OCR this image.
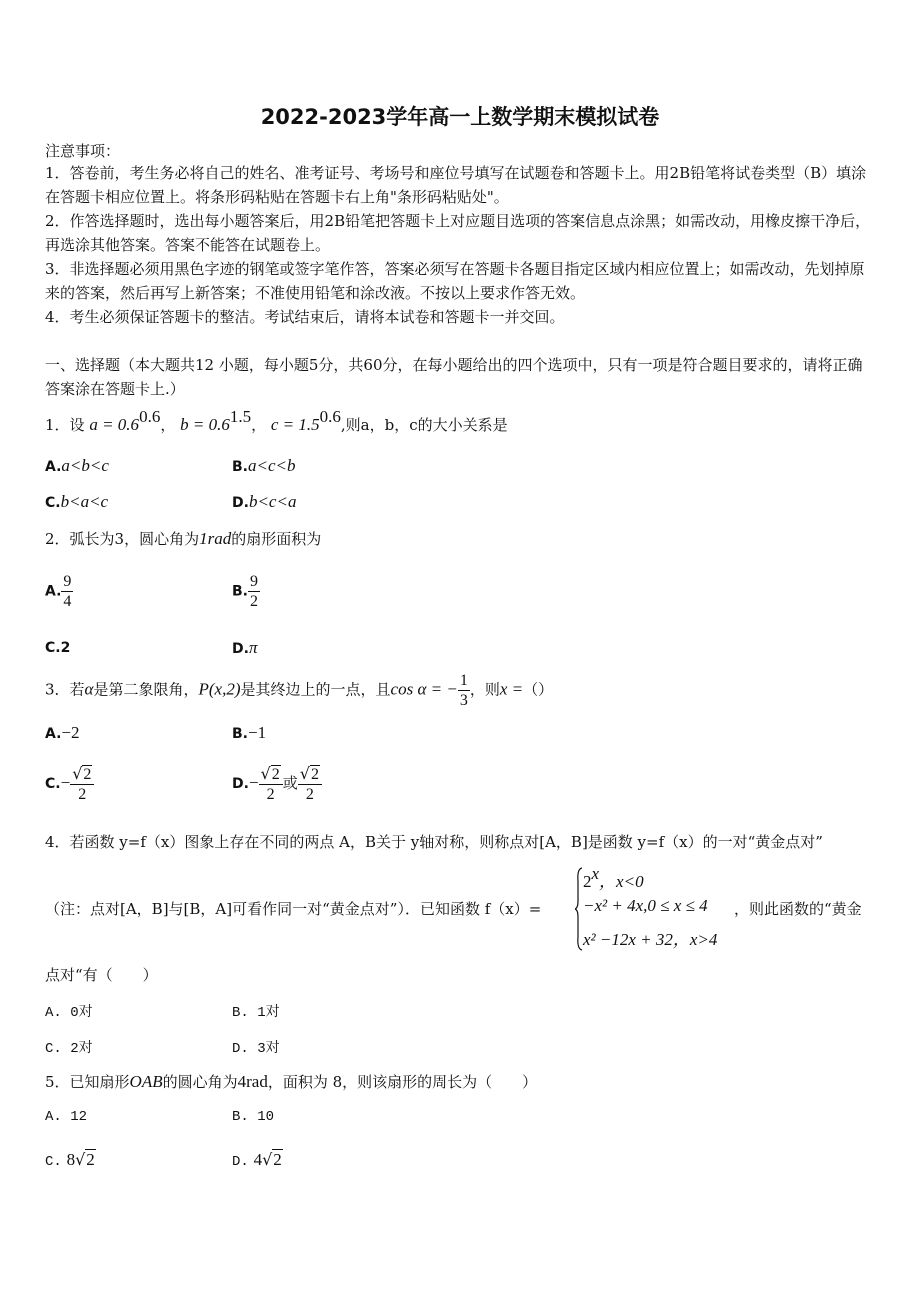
2022-2023学年高一上数学期末模拟试卷
注意事项：
1．答卷前，考生务必将自己的姓名、准考证号、考场号和座位号填写在试题卷和答题卡上。用2B铅笔将试卷类型（B）填涂在答题卡相应位置上。将条形码粘贴在答题卡右上角"条形码粘贴处"。
2．作答选择题时，选出每小题答案后，用2B铅笔把答题卡上对应题目选项的答案信息点涂黑；如需改动，用橡皮擦干净后，再选涂其他答案。答案不能答在试题卷上。
3．非选择题必须用黑色字迹的钢笔或签字笔作答，答案必须写在答题卡各题目指定区域内相应位置上；如需改动，先划掉原来的答案，然后再写上新答案；不准使用铅笔和涂改液。不按以上要求作答无效。
4．考生必须保证答题卡的整洁。考试结束后，请将本试卷和答题卡一并交回。
一、选择题（本大题共12 小题，每小题5分，共60分，在每小题给出的四个选项中，只有一项是符合题目要求的，请将正确答案涂在答题卡上.）
1．设 $a = 0.6^{0.6}$， $b = 0.6^{1.5}$， $c = 1.5^{0.6}$,则a，b，c的大小关系是
A.a<b<c	B.a<c<b
C.b<a<c	D.b<c<a
2．弧长为3，圆心角为1rad的扇形面积为
A. $\frac{9}{4}$	B. $\frac{9}{2}$
C.2	D.π
3．若α是第二象限角，P(x,2)是其终边上的一点，且cos α = − $\frac{1}{3}$ ，则x =（）
A.−2	B.−1
$C.- \frac{√2}{2}$	$D.- \frac{√2}{2}$ 或 $\frac{√2}{2}$
4．若函数 y=f（x）图象上存在不同的两点 A，B关于 y轴对称，则称点对[A，B]是函数 y=f（x）的一对“黄金点对”
（注：点对[A，B]与[B，A]可看作同一对“黄金点对”）．已知函数 f（x）=
$2^x$，x<0
−x² + 4x,0 ≤ x ≤ 4
x² −12x + 32，x>4
，则此函数的“黄金
点对“有（　　）
A. 0对	B. 1对
C. 2对	D. 3对
5．已知扇形OAB的圆心角为4rad，面积为 8，则该扇形的周长为（　　）
A. 12	B. 10
C. 8√2	D. 4√2
